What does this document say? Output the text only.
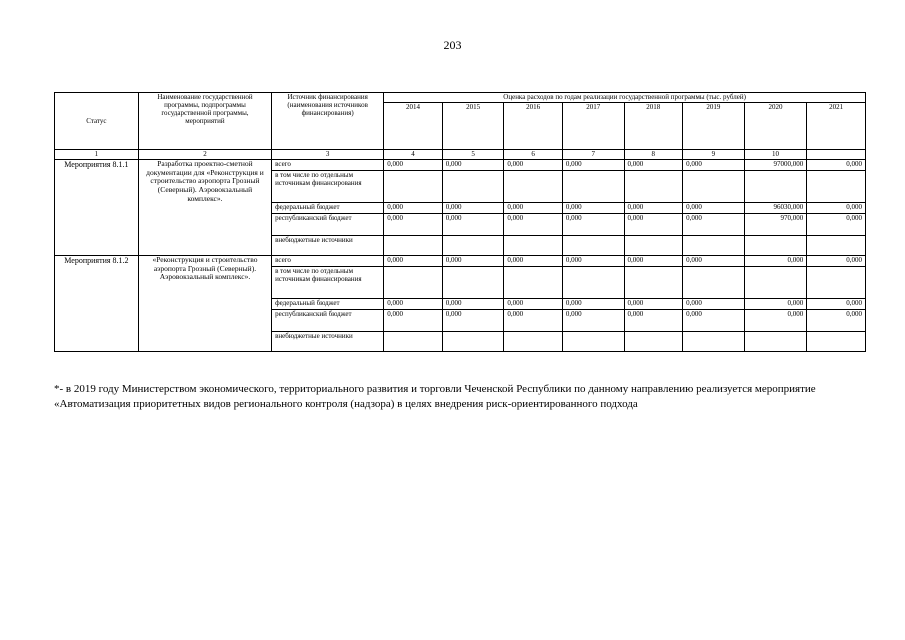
203
Статус	Наименование государственной программы, подпрограммы государственной программы, мероприятий	Источник финансирования (наименования источников финансирования)	Оценка расходов по годам реализации государственной программы (тыс. рублей)							
			2014	2015	2016	2017	2018	2019	2020	2021
1	2	3	4	5	6	7	8	9	10	
Мероприятия 8.1.1	Разработка проектно-сметной документации для «Реконструкция и строительство аэропорта Грозный (Северный). Аэровокзальный комплекс».	всего	0,000	0,000	0,000	0,000	0,000	0,000	97000,000	0,000
		в том числе по отдельным источникам финансирования								
		федеральный бюджет	0,000	0,000	0,000	0,000	0,000	0,000	96030,000	0,000
		республиканский бюджет	0,000	0,000	0,000	0,000	0,000	0,000	970,000	0,000
		внебюджетные источники								
Мероприятия 8.1.2	«Реконструкция и строительство аэропорта Грозный (Северный). Аэровокзальный комплекс».	всего	0,000	0,000	0,000	0,000	0,000	0,000	0,000	0,000
		в том числе по отдельным источникам финансирования								
		федеральный бюджет	0,000	0,000	0,000	0,000	0,000	0,000	0,000	0,000
		республиканский бюджет	0,000	0,000	0,000	0,000	0,000	0,000	0,000	0,000
		внебюджетные источники								
*- в 2019 году Министерством экономического, территориального развития и торговли Чеченской Республики по данному направлению реализуется мероприятие «Автоматизация приоритетных видов регионального контроля (надзора) в целях внедрения риск-ориентированного подхода
